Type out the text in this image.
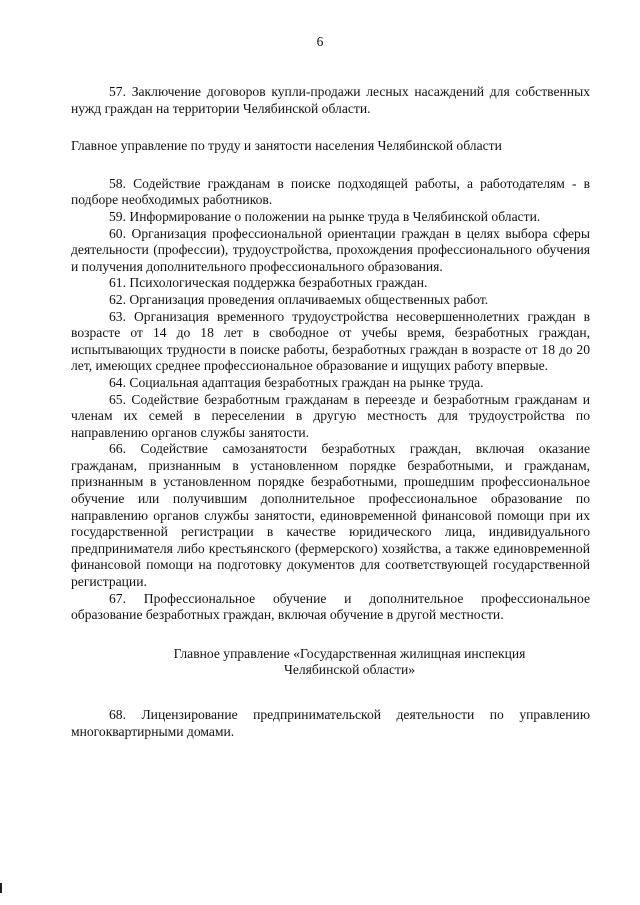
6

57. Заключение договоров купли-продажи лесных насаждений для собственных нужд граждан на территории Челябинской области.

Главное управление по труду и занятости населения Челябинской области

58. Содействие гражданам в поиске подходящей работы, а работодателям - в подборе необходимых работников.

59. Информирование о положении на рынке труда в Челябинской области.

60. Организация профессиональной ориентации граждан в целях выбора сферы деятельности (профессии), трудоустройства, прохождения профессионального обучения и получения дополнительного профессионального образования.

61. Психологическая поддержка безработных граждан.

62. Организация проведения оплачиваемых общественных работ.

63. Организация временного трудоустройства несовершеннолетних граждан в возрасте от 14 до 18 лет в свободное от учебы время, безработных граждан, испытывающих трудности в поиске работы, безработных граждан в возрасте от 18 до 20 лет, имеющих среднее профессиональное образование и ищущих работу впервые.

64. Социальная адаптация безработных граждан на рынке труда.

65. Содействие безработным гражданам в переезде и безработным гражданам и членам их семей в переселении в другую местность для трудоустройства по направлению органов службы занятости.

66. Содействие самозанятости безработных граждан, включая оказание гражданам, признанным в установленном порядке безработными, и гражданам, признанным в установленном порядке безработными, прошедшим профессиональное обучение или получившим дополнительное профессиональное образование по направлению органов службы занятости, единовременной финансовой помощи при их государственной регистрации в качестве юридического лица, индивидуального предпринимателя либо крестьянского (фермерского) хозяйства, а также единовременной финансовой помощи на подготовку документов для соответствующей государственной регистрации.

67. Профессиональное обучение и дополнительное профессиональное образование безработных граждан, включая обучение в другой местности.

Главное управление «Государственная жилищная инспекция

Челябинской области»

68. Лицензирование предпринимательской деятельности по управлению многоквартирными домами.
